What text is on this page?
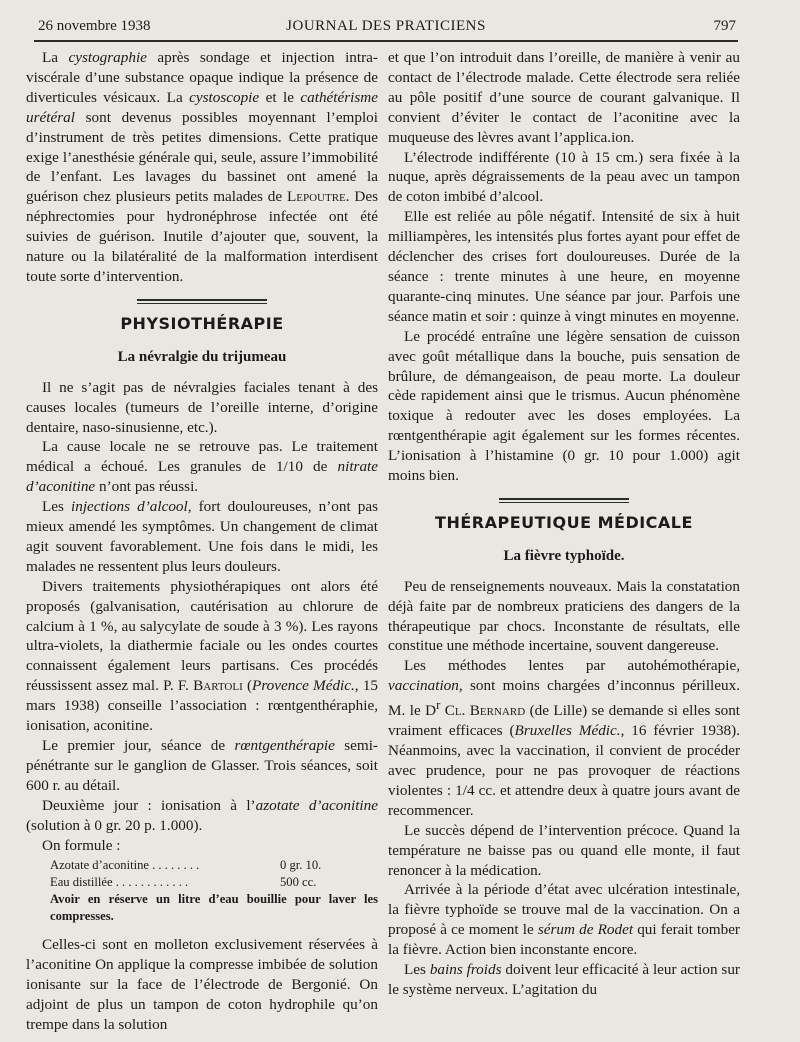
26 novembre 1938	JOURNAL DES PRATICIENS	797

La cystographie après sondage et injection intra-viscérale d’une substance opaque indique la présence de diverticules vésicaux. La cystoscopie et le cathétérisme urétéral sont devenus possibles moyennant l’emploi d’instrument de très petites dimensions. Cette pratique exige l’anesthésie générale qui, seule, assure l’immobilité de l’enfant. Les lavages du bassinet ont amené la guérison chez plusieurs petits malades de Lepoutre. Des néphrectomies pour hydronéphrose infectée ont été suivies de guérison. Inutile d’ajouter que, souvent, la nature ou la bilatéralité de la malformation interdisent toute sorte d’intervention.

PHYSIOTHÉRAPIE
La névralgie du trijumeau

Il ne s’agit pas de névralgies faciales tenant à des causes locales (tumeurs de l’oreille interne, d’origine dentaire, naso-sinusienne, etc.).

La cause locale ne se retrouve pas. Le traitement médical a échoué. Les granules de 1/10 de nitrate d’aconitine n’ont pas réussi.

Les injections d’alcool, fort douloureuses, n’ont pas mieux amendé les symptômes. Un changement de climat agit souvent favorablement. Une fois dans le midi, les malades ne ressentent plus leurs douleurs.

Divers traitements physiothérapiques ont alors été proposés (galvanisation, cautérisation au chlorure de calcium à 1 %, au salycylate de soude à 3 %). Les rayons ultra-violets, la diathermie faciale ou les ondes courtes connaissent également leurs partisans. Ces procédés réussissent assez mal. P. F. Bartoli (Provence Médic., 15 mars 1938) conseille l’association : rœntgenthéraphie, ionisation, aconitine.

Le premier jour, séance de rœntgenthérapie semi-pénétrante sur le ganglion de Glasser. Trois séances, soit 600 r. au détail.

Deuxième jour : ionisation à l’azotate d’aconitine (solution à 0 gr. 20 p. 1.000).

On formule :

Azotate d’aconitine . . . . . . . .	0 gr. 10.
Eau distillée . . . . . . . . . . . .	500 cc.
Avoir en réserve un litre d’eau bouillie pour laver les compresses.

Celles-ci sont en molleton exclusivement réservées à l’aconitine On applique la compresse imbibée de solution ionisante sur la face de l’électrode de Bergonié. On adjoint de plus un tampon de coton hydrophile qu’on trempe dans la solution

et que l’on introduit dans l’oreille, de manière à venir au contact de l’électrode malade. Cette électrode sera reliée au pôle positif d’une source de courant galvanique. Il convient d’éviter le contact de l’aconitine avec la muqueuse des lèvres avant l’applica.ion.

L’électrode indifférente (10 à 15 cm.) sera fixée à la nuque, après dégraissements de la peau avec un tampon de coton imbibé d’alcool.

Elle est reliée au pôle négatif. Intensité de six à huit milliampères, les intensités plus fortes ayant pour effet de déclencher des crises fort douloureuses. Durée de la séance : trente minutes à une heure, en moyenne quarante-cinq minutes. Une séance par jour. Parfois une séance matin et soir : quinze à vingt minutes en moyenne.

Le procédé entraîne une légère sensation de cuisson avec goût métallique dans la bouche, puis sensation de brûlure, de démangeaison, de peau morte. La douleur cède rapidement ainsi que le trismus. Aucun phénomène toxique à redouter avec les doses employées. La rœntgenthérapie agit également sur les formes récentes. L’ionisation à l’histamine (0 gr. 10 pour 1.000) agit moins bien.

THÉRAPEUTIQUE MÉDICALE
La fièvre typhoïde.

Peu de renseignements nouveaux. Mais la constatation déjà faite par de nombreux praticiens des dangers de la thérapeutique par chocs. Inconstante de résultats, elle constitue une méthode incertaine, souvent dangereuse.

Les méthodes lentes par autohémothérapie, vaccination, sont moins chargées d’inconnus périlleux. M. le $D^r$ Cl. Bernard (de Lille) se demande si elles sont vraiment efficaces (Bruxelles Médic., 16 février 1938). Néanmoins, avec la vaccination, il convient de procéder avec prudence, pour ne pas provoquer de réactions violentes : 1/4 cc. et attendre deux à quatre jours avant de recommencer.

Le succès dépend de l’intervention précoce. Quand la température ne baisse pas ou quand elle monte, il faut renoncer à la médication.

Arrivée à la période d’état avec ulcération intestinale, la fièvre typhoïde se trouve mal de la vaccination. On a proposé à ce moment le sérum de Rodet qui ferait tomber la fièvre. Action bien inconstante encore.

Les bains froids doivent leur efficacité à leur action sur le système nerveux. L’agitation du
